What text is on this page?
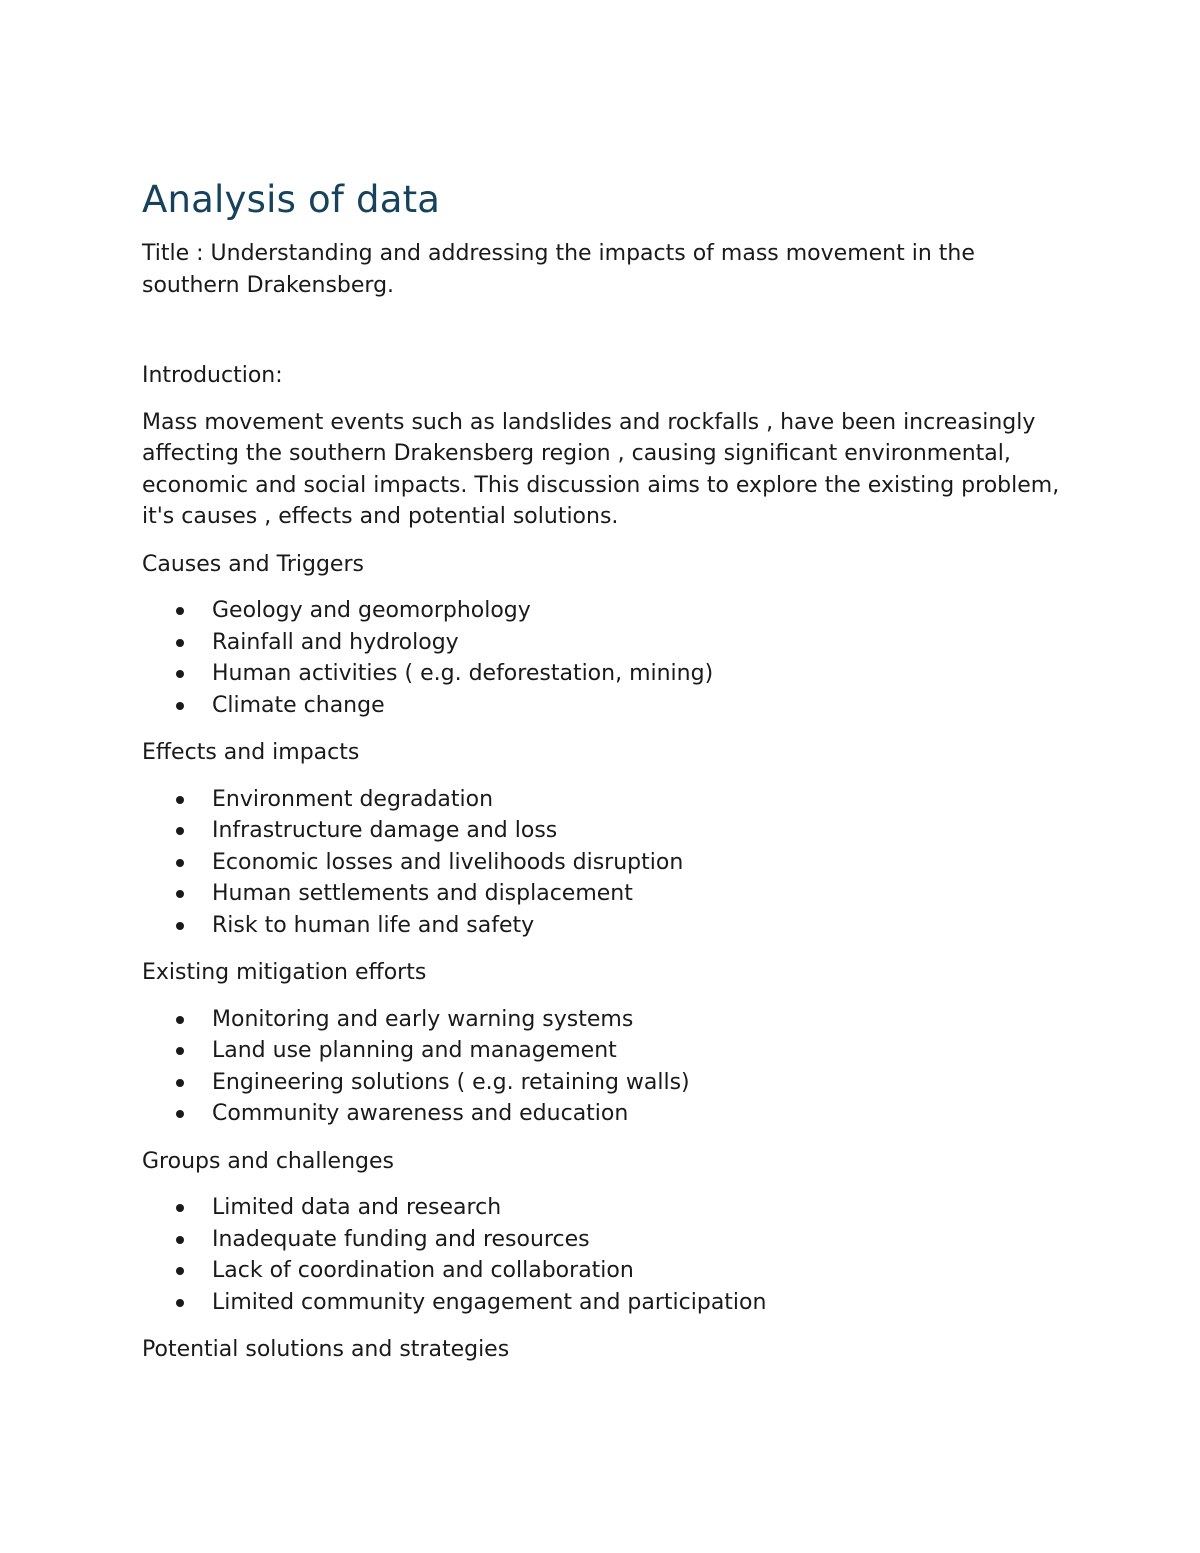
Analysis of data

Title : Understanding and addressing the impacts of mass movement in the southern Drakensberg.

Introduction:

Mass movement events such as landslides and rockfalls , have been increasingly affecting the southern Drakensberg region , causing significant environmental, economic and social impacts. This discussion aims to explore the existing problem, it's causes , effects and potential solutions.

Causes and Triggers

Geology and geomorphology
Rainfall and hydrology
Human activities ( e.g. deforestation, mining)
Climate change

Effects and impacts

Environment degradation
Infrastructure damage and loss
Economic losses and livelihoods disruption
Human settlements and displacement
Risk to human life and safety

Existing mitigation efforts

Monitoring and early warning systems
Land use planning and management
Engineering solutions ( e.g. retaining walls)
Community awareness and education

Groups and challenges

Limited data and research
Inadequate funding and resources
Lack of coordination and collaboration
Limited community engagement and participation

Potential solutions and strategies
